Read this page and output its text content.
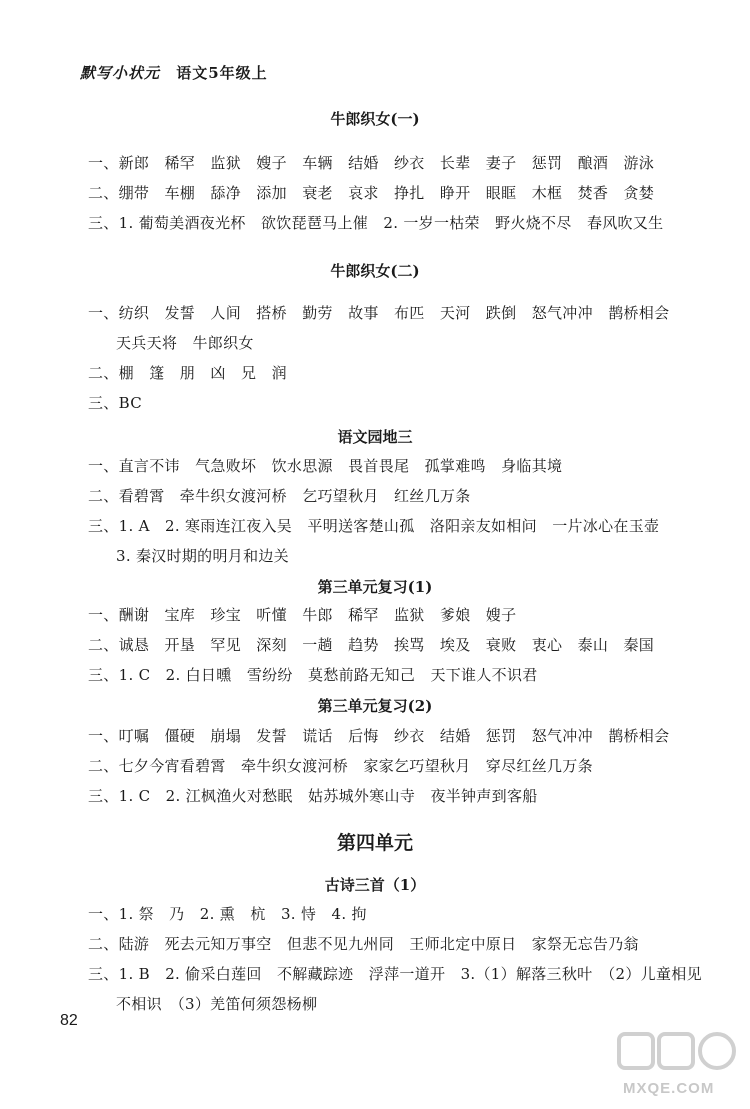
默写小状元 语文5年级上
牛郎织女(一)
一、新郎　稀罕　监狱　嫂子　车辆　结婚　纱衣　长辈　妻子　惩罚　酿酒　游泳
二、绷带　车棚　舔净　添加　衰老　哀求　挣扎　睁开　眼眶　木框　焚香　贪婪
三、1. 葡萄美酒夜光杯　欲饮琵琶马上催　2. 一岁一枯荣　野火烧不尽　春风吹又生
牛郎织女(二)
一、纺织　发誓　人间　搭桥　勤劳　故事　布匹　天河　跌倒　怒气冲冲　鹊桥相会
天兵天将　牛郎织女
二、棚　篷　朋　凶　兄　润
三、BC
语文园地三
一、直言不讳　气急败坏　饮水思源　畏首畏尾　孤掌难鸣　身临其境
二、看碧霄　牵牛织女渡河桥　乞巧望秋月　红丝几万条
三、1. A　2. 寒雨连江夜入吴　平明送客楚山孤　洛阳亲友如相问　一片冰心在玉壶
3. 秦汉时期的明月和边关
第三单元复习(1)
一、酬谢　宝库　珍宝　听懂　牛郎　稀罕　监狱　爹娘　嫂子
二、诚恳　开垦　罕见　深刻　一趟　趋势　挨骂　埃及　衰败　衷心　泰山　秦国
三、1. C　2. 白日曛　雪纷纷　莫愁前路无知己　天下谁人不识君
第三单元复习(2)
一、叮嘱　僵硬　崩塌　发誓　谎话　后悔　纱衣　结婚　惩罚　怒气冲冲　鹊桥相会
二、七夕今宵看碧霄　牵牛织女渡河桥　家家乞巧望秋月　穿尽红丝几万条
三、1. C　2. 江枫渔火对愁眠　姑苏城外寒山寺　夜半钟声到客船
第四单元
古诗三首（1）
一、1. 祭　乃　2. 熏　杭　3. 恃　4. 拘
二、陆游　死去元知万事空　但悲不见九州同　王师北定中原日　家祭无忘告乃翁
三、1. B　2. 偷采白莲回　不解藏踪迹　浮萍一道开　3.（1）解落三秋叶　（2）儿童相见
不相识　（3）羌笛何须怨杨柳
82
MXQE.COM
